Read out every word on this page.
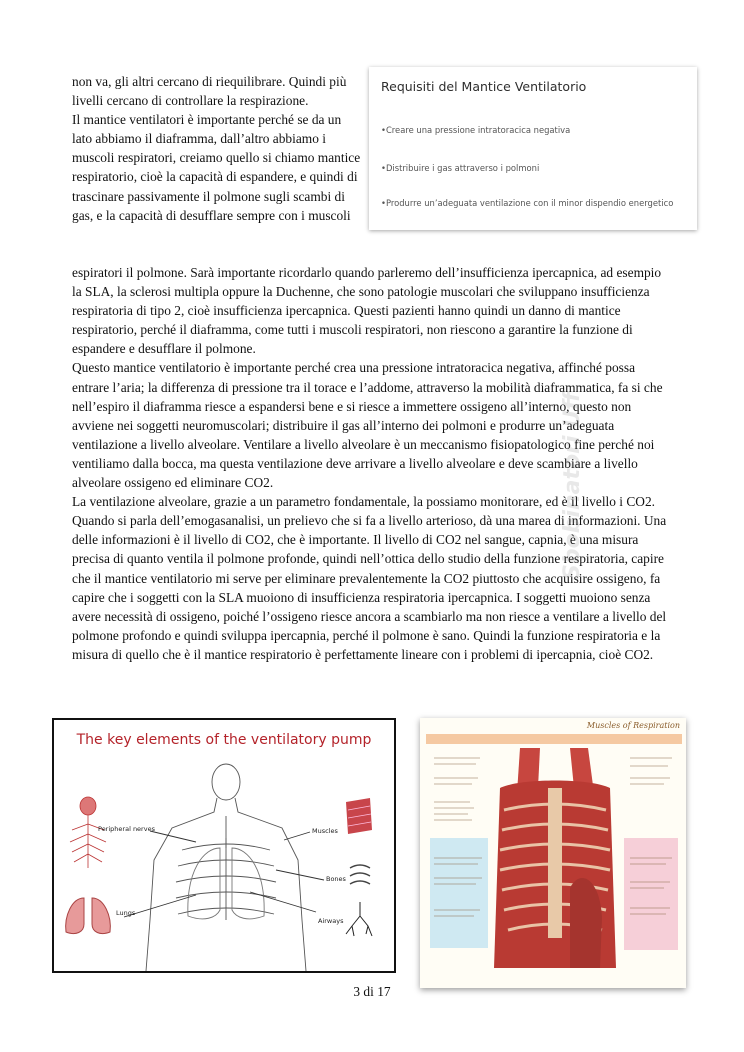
non va, gli altri cercano di riequilibrare. Quindi più livelli cercano di controllare la respirazione.

Il mantice ventilatori è importante perché se da un lato abbiamo il diaframma, dall’altro abbiamo i muscoli respiratori, creiamo quello si chiamo mantice respiratorio, cioè la capacità di espandere, e quindi di trascinare passivamente il polmone sugli scambi di gas, e la capacità di desufflare sempre con i muscoli

Requisiti del Mantice Ventilatorio
•Creare una pressione intratoracica negativa
•Distribuire i gas attraverso i polmoni
•Produrre un’adeguata ventilazione con il minor dispendio energetico

espiratori il polmone. Sarà importante ricordarlo quando parleremo dell’insufficienza ipercapnica, ad esempio la SLA, la sclerosi multipla oppure la Duchenne, che sono patologie muscolari che sviluppano insufficienza respiratoria di tipo 2, cioè insufficienza ipercapnica. Questi pazienti hanno quindi un danno di mantice respiratorio, perché il diaframma, come tutti i muscoli respiratori, non riescono a garantire la funzione di espandere e desufflare il polmone.

Questo mantice ventilatorio è importante perché crea una pressione intratoracica negativa, affinché possa entrare l’aria; la differenza di pressione tra il torace e l’addome, attraverso la mobilità diaframmatica, fa si che nell’espiro il diaframma riesce a espandersi bene e si riesce a immettere ossigeno all’interno, questo non avviene nei soggetti neuromuscolari; distribuire il gas all’interno dei polmoni e produrre un’adeguata ventilazione a livello alveolare. Ventilare a livello alveolare è un meccanismo fisiopatologico fine perché noi ventiliamo dalla bocca, ma questa ventilazione deve arrivare a livello alveolare e deve scambiare a livello alveolare ossigeno ed eliminare CO2.

La ventilazione alveolare, grazie a un parametro fondamentale, la possiamo monitorare, ed è il livello i CO2. Quando si parla dell’emogasanalisi, un prelievo che si fa a livello arterioso, dà una marea di informazioni. Una delle informazioni è il livello di CO2, che è importante. Il livello di CO2 nel sangue, capnia, è una misura precisa di quanto ventila il polmone profonde, quindi nell’ottica dello studio della funzione respiratoria, capire che il mantice ventilatorio mi serve per eliminare prevalentemente la CO2 piuttosto che acquisire ossigeno, fa capire che i soggetti con la SLA muoiono di insufficienza respiratoria ipercapnica. I soggetti muoiono senza avere necessità di ossigeno, poiché l’ossigeno riesce ancora a scambiarlo ma non riesce a ventilare a livello del polmone profondo e quindi sviluppa ipercapnia, perché il polmone è sano. Quindi la funzione respiratoria e la misura di quello che è il mantice respiratorio è perfettamente lineare con i problemi di ipercapnia, cioè CO2.

The key elements of the ventilatory pump
Peripheral nerves	Muscles
Bones
Lungs
Airways
Muscles of Respiration
Sbobinatori Uff
3 di 17
